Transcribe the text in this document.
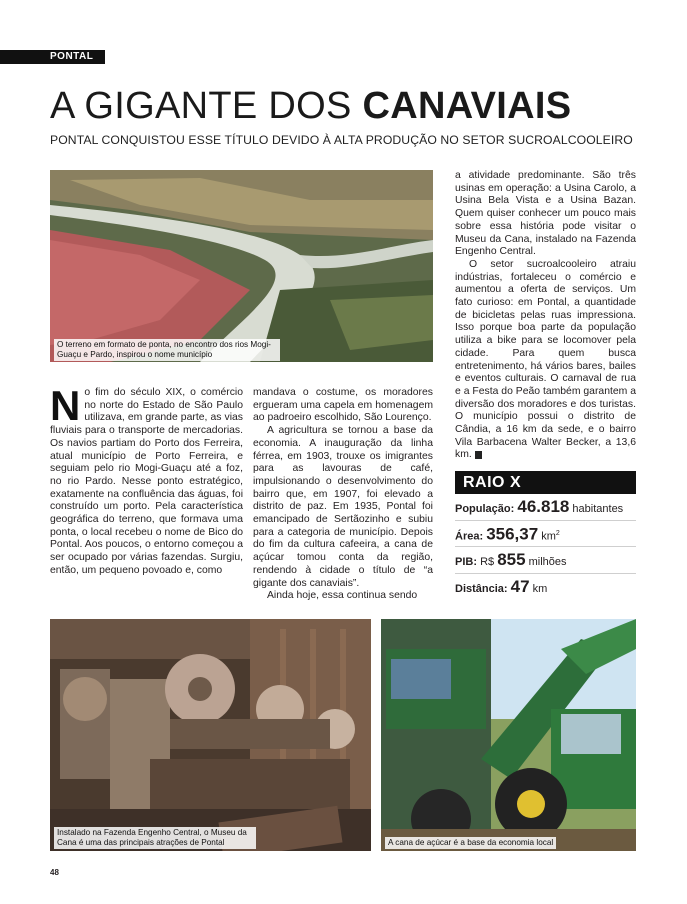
PONTAL
A GIGANTE DOS CANAVIAIS
PONTAL CONQUISTOU ESSE TÍTULO DEVIDO À ALTA PRODUÇÃO NO SETOR SUCROALCOOLEIRO
O terreno em formato de ponta, no encontro dos rios Mogi-Guaçu e Pardo, inspirou o nome município

No fim do século XIX, o comércio no norte do Estado de São Paulo utilizava, em grande parte, as vias fluviais para o transporte de mercadorias. Os navios partiam do Porto dos Ferreira, atual município de Porto Ferreira, e seguiam pelo rio Mogi-Guaçu até a foz, no rio Pardo. Nesse ponto estratégico, exatamente na confluência das águas, foi construído um porto. Pela característica geográfica do terreno, que formava uma ponta, o local recebeu o nome de Bico do Pontal. Aos poucos, o entorno começou a ser ocupado por várias fazendas. Surgiu, então, um pequeno povoado e, como

mandava o costume, os moradores ergueram uma capela em homenagem ao padroeiro escolhido, São Lourenço.

A agricultura se tornou a base da economia. A inauguração da linha férrea, em 1903, trouxe os imigrantes para as lavouras de café, impulsionando o desenvolvimento do bairro que, em 1907, foi elevado a distrito de paz. Em 1935, Pontal foi emancipado de Sertãozinho e subiu para a categoria de município. Depois do fim da cultura cafeeira, a cana de açúcar tomou conta da região, rendendo à cidade o título de “a gigante dos canaviais”.

Ainda hoje, essa continua sendo

a atividade predominante. São três usinas em operação: a Usina Carolo, a Usina Bela Vista e a Usina Bazan. Quem quiser conhecer um pouco mais sobre essa história pode visitar o Museu da Cana, instalado na Fazenda Engenho Central.

O setor sucroalcooleiro atraiu indústrias, fortaleceu o comércio e aumentou a oferta de serviços. Um fato curioso: em Pontal, a quantidade de bicicletas pelas ruas impressiona. Isso porque boa parte da população utiliza a bike para se locomover pela cidade. Para quem busca entretenimento, há vários bares, bailes e eventos culturais. O carnaval de rua e a Festa do Peão também garantem a diversão dos moradores e dos turistas. O município possui o distrito de Cândia, a 16 km da sede, e o bairro Vila Barbacena Walter Becker, a 13,6 km.

RAIO X
População: 46.818 habitantes
Área: 356,37 $km^2$
PIB: R$ 855 milhões
Distância: 47 km
Instalado na Fazenda Engenho Central, o Museu da Cana é uma das principais atrações de Pontal	A cana de açúcar é a base da economia local
48
